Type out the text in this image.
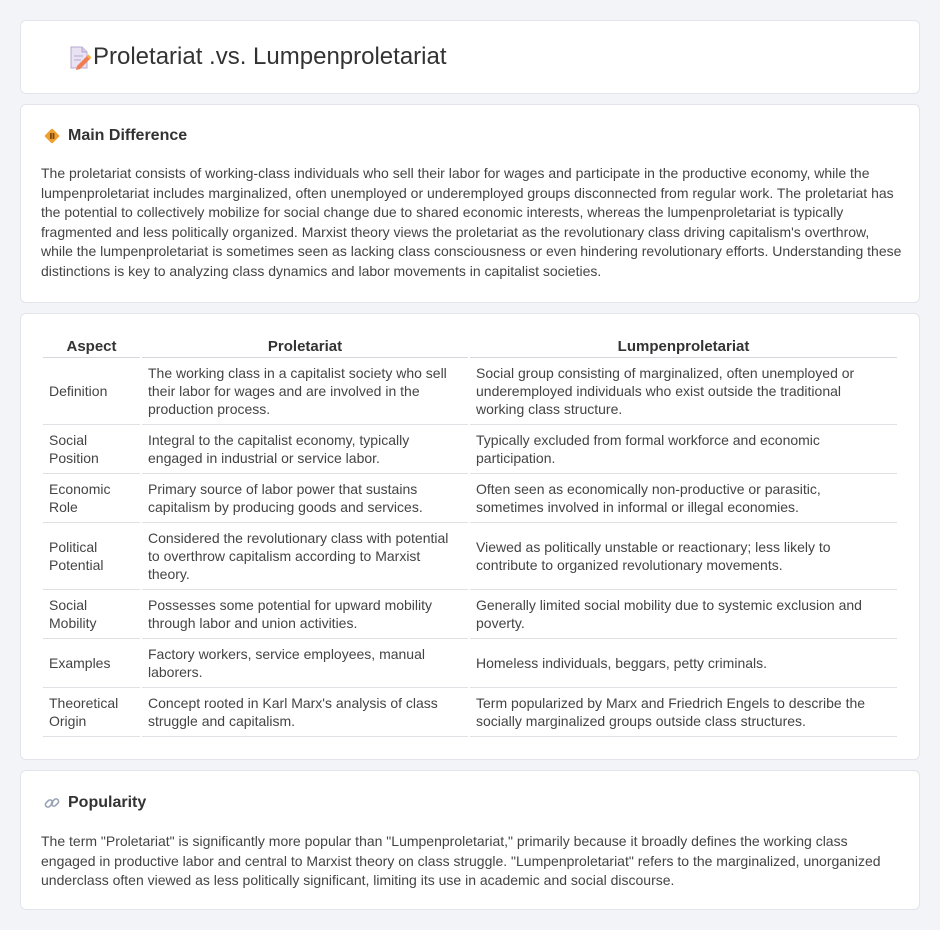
Proletariat .vs. Lumpenproletariat
Main Difference

The proletariat consists of working-class individuals who sell their labor for wages and participate in the productive economy, while the lumpenproletariat includes marginalized, often unemployed or underemployed groups disconnected from regular work. The proletariat has the potential to collectively mobilize for social change due to shared economic interests, whereas the lumpenproletariat is typically fragmented and less politically organized. Marxist theory views the proletariat as the revolutionary class driving capitalism's overthrow, while the lumpenproletariat is sometimes seen as lacking class consciousness or even hindering revolutionary efforts. Understanding these distinctions is key to analyzing class dynamics and labor movements in capitalist societies.

Aspect	Proletariat	Lumpenproletariat
Definition	The working class in a capitalist society who sell their labor for wages and are involved in the production process.	Social group consisting of marginalized, often unemployed or underemployed individuals who exist outside the traditional working class structure.
Social Position	Integral to the capitalist economy, typically engaged in industrial or service labor.	Typically excluded from formal workforce and economic participation.
Economic Role	Primary source of labor power that sustains capitalism by producing goods and services.	Often seen as economically non-productive or parasitic, sometimes involved in informal or illegal economies.
Political Potential	Considered the revolutionary class with potential to overthrow capitalism according to Marxist theory.	Viewed as politically unstable or reactionary; less likely to contribute to organized revolutionary movements.
Social Mobility	Possesses some potential for upward mobility through labor and union activities.	Generally limited social mobility due to systemic exclusion and poverty.
Examples	Factory workers, service employees, manual laborers.	Homeless individuals, beggars, petty criminals.
Theoretical Origin	Concept rooted in Karl Marx's analysis of class struggle and capitalism.	Term popularized by Marx and Friedrich Engels to describe the socially marginalized groups outside class structures.
Popularity

The term "Proletariat" is significantly more popular than "Lumpenproletariat," primarily because it broadly defines the working class engaged in productive labor and central to Marxist theory on class struggle. "Lumpenproletariat" refers to the marginalized, unorganized underclass often viewed as less politically significant, limiting its use in academic and social discourse.
